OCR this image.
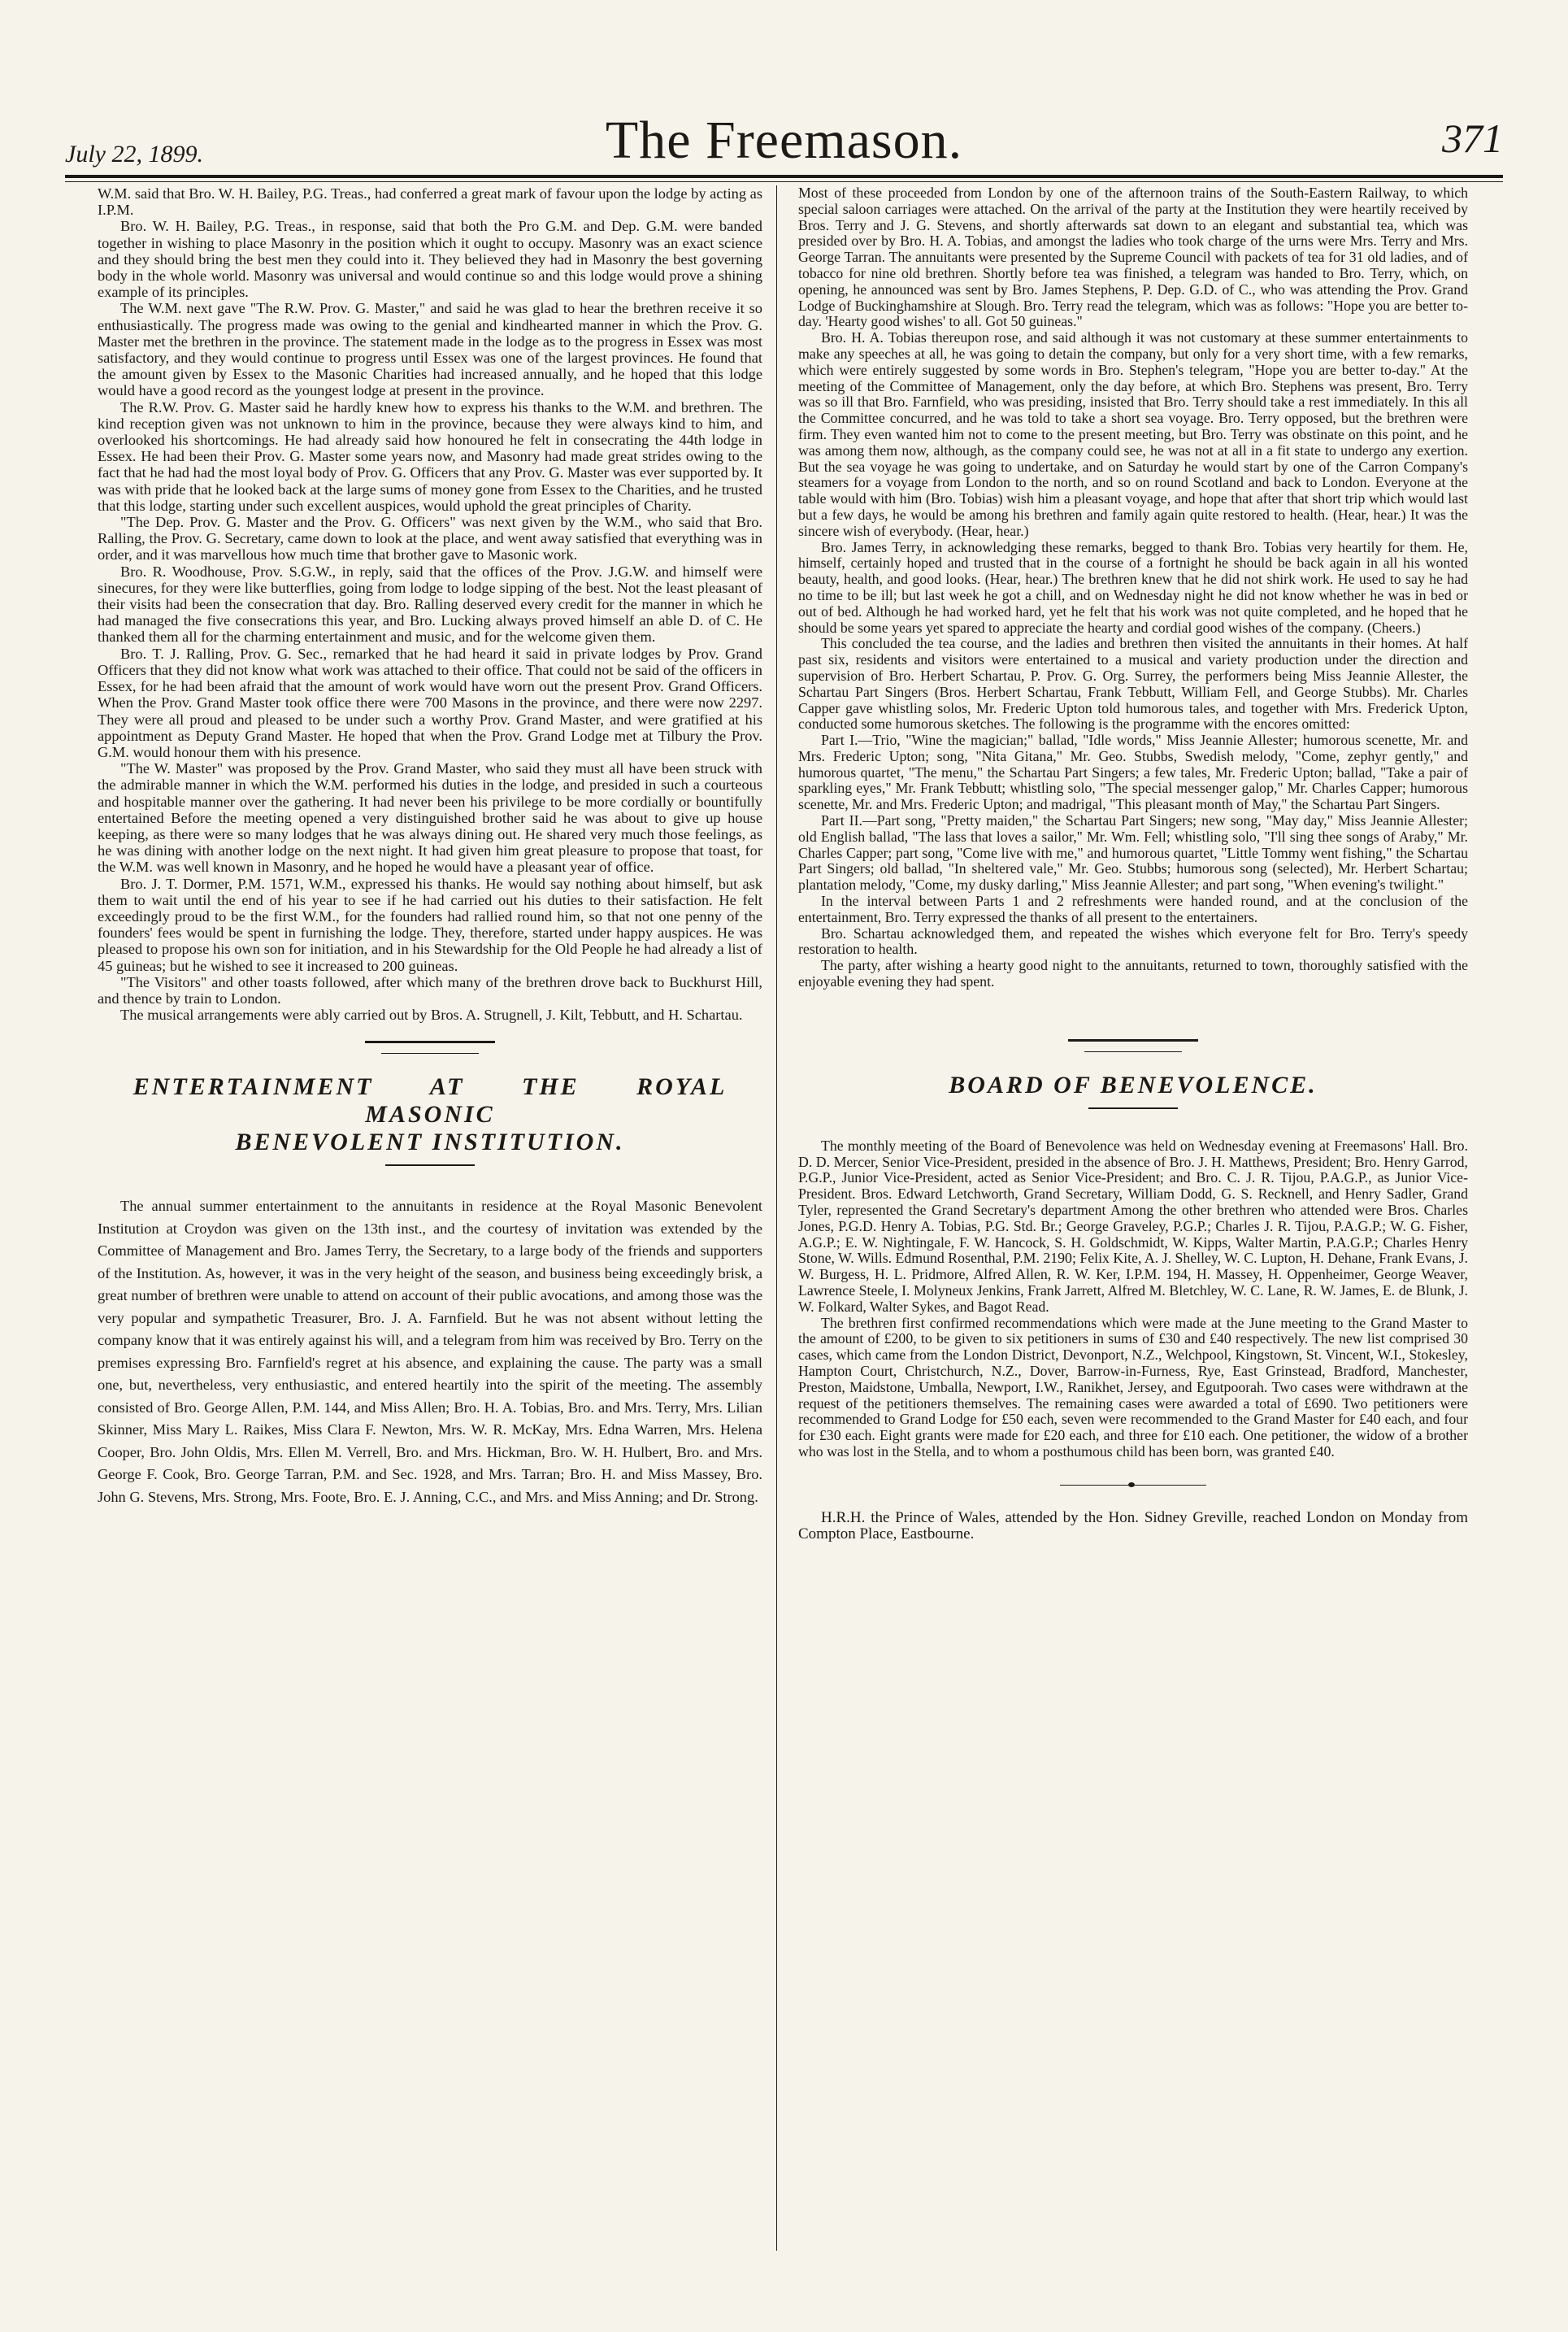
July 22, 1899.	The Freemason.	371

W.M. said that Bro. W. H. Bailey, P.G. Treas., had conferred a great mark of favour upon the lodge by acting as I.P.M.

Bro. W. H. Bailey, P.G. Treas., in response, said that both the Pro G.M. and Dep. G.M. were banded together in wishing to place Masonry in the position which it ought to occupy. Masonry was an exact science and they should bring the best men they could into it. They believed they had in Masonry the best governing body in the whole world. Masonry was universal and would continue so and this lodge would prove a shining example of its principles.

The W.M. next gave "The R.W. Prov. G. Master," and said he was glad to hear the brethren receive it so enthusiastically. The progress made was owing to the genial and kindhearted manner in which the Prov. G. Master met the brethren in the province. The statement made in the lodge as to the progress in Essex was most satisfactory, and they would continue to progress until Essex was one of the largest provinces. He found that the amount given by Essex to the Masonic Charities had increased annually, and he hoped that this lodge would have a good record as the youngest lodge at present in the province.

The R.W. Prov. G. Master said he hardly knew how to express his thanks to the W.M. and brethren. The kind reception given was not unknown to him in the province, because they were always kind to him, and overlooked his shortcomings. He had already said how honoured he felt in consecrating the 44th lodge in Essex. He had been their Prov. G. Master some years now, and Masonry had made great strides owing to the fact that he had had the most loyal body of Prov. G. Officers that any Prov. G. Master was ever supported by. It was with pride that he looked back at the large sums of money gone from Essex to the Charities, and he trusted that this lodge, starting under such excellent auspices, would uphold the great principles of Charity.

"The Dep. Prov. G. Master and the Prov. G. Officers" was next given by the W.M., who said that Bro. Ralling, the Prov. G. Secretary, came down to look at the place, and went away satisfied that everything was in order, and it was marvellous how much time that brother gave to Masonic work.

Bro. R. Woodhouse, Prov. S.G.W., in reply, said that the offices of the Prov. J.G.W. and himself were sinecures, for they were like butterflies, going from lodge to lodge sipping of the best. Not the least pleasant of their visits had been the consecration that day. Bro. Ralling deserved every credit for the manner in which he had managed the five consecrations this year, and Bro. Lucking always proved himself an able D. of C. He thanked them all for the charming entertainment and music, and for the welcome given them.

Bro. T. J. Ralling, Prov. G. Sec., remarked that he had heard it said in private lodges by Prov. Grand Officers that they did not know what work was attached to their office. That could not be said of the officers in Essex, for he had been afraid that the amount of work would have worn out the present Prov. Grand Officers. When the Prov. Grand Master took office there were 700 Masons in the province, and there were now 2297. They were all proud and pleased to be under such a worthy Prov. Grand Master, and were gratified at his appointment as Deputy Grand Master. He hoped that when the Prov. Grand Lodge met at Tilbury the Prov. G.M. would honour them with his presence.

"The W. Master" was proposed by the Prov. Grand Master, who said they must all have been struck with the admirable manner in which the W.M. performed his duties in the lodge, and presided in such a courteous and hospitable manner over the gathering. It had never been his privilege to be more cordially or bountifully entertained Before the meeting opened a very distinguished brother said he was about to give up house keeping, as there were so many lodges that he was always dining out. He shared very much those feelings, as he was dining with another lodge on the next night. It had given him great pleasure to propose that toast, for the W.M. was well known in Masonry, and he hoped he would have a pleasant year of office.

Bro. J. T. Dormer, P.M. 1571, W.M., expressed his thanks. He would say nothing about himself, but ask them to wait until the end of his year to see if he had carried out his duties to their satisfaction. He felt exceedingly proud to be the first W.M., for the founders had rallied round him, so that not one penny of the founders' fees would be spent in furnishing the lodge. They, therefore, started under happy auspices. He was pleased to propose his own son for initiation, and in his Stewardship for the Old People he had already a list of 45 guineas; but he wished to see it increased to 200 guineas.

"The Visitors" and other toasts followed, after which many of the brethren drove back to Buckhurst Hill, and thence by train to London.

The musical arrangements were ably carried out by Bros. A. Strugnell, J. Kilt, Tebbutt, and H. Schartau.

ENTERTAINMENT AT THE ROYAL MASONIC
BENEVOLENT INSTITUTION.

The annual summer entertainment to the annuitants in residence at the Royal Masonic Benevolent Institution at Croydon was given on the 13th inst., and the courtesy of invitation was extended by the Committee of Management and Bro. James Terry, the Secretary, to a large body of the friends and supporters of the Institution. As, however, it was in the very height of the season, and business being exceedingly brisk, a great number of brethren were unable to attend on account of their public avocations, and among those was the very popular and sympathetic Treasurer, Bro. J. A. Farnfield. But he was not absent without letting the company know that it was entirely against his will, and a telegram from him was received by Bro. Terry on the premises expressing Bro. Farnfield's regret at his absence, and explaining the cause. The party was a small one, but, nevertheless, very enthusiastic, and entered heartily into the spirit of the meeting. The assembly consisted of Bro. George Allen, P.M. 144, and Miss Allen; Bro. H. A. Tobias, Bro. and Mrs. Terry, Mrs. Lilian Skinner, Miss Mary L. Raikes, Miss Clara F. Newton, Mrs. W. R. McKay, Mrs. Edna Warren, Mrs. Helena Cooper, Bro. John Oldis, Mrs. Ellen M. Verrell, Bro. and Mrs. Hickman, Bro. W. H. Hulbert, Bro. and Mrs. George F. Cook, Bro. George Tarran, P.M. and Sec. 1928, and Mrs. Tarran; Bro. H. and Miss Massey, Bro. John G. Stevens, Mrs. Strong, Mrs. Foote, Bro. E. J. Anning, C.C., and Mrs. and Miss Anning; and Dr. Strong.

Most of these proceeded from London by one of the afternoon trains of the South-Eastern Railway, to which special saloon carriages were attached. On the arrival of the party at the Institution they were heartily received by Bros. Terry and J. G. Stevens, and shortly afterwards sat down to an elegant and substantial tea, which was presided over by Bro. H. A. Tobias, and amongst the ladies who took charge of the urns were Mrs. Terry and Mrs. George Tarran. The annuitants were presented by the Supreme Council with packets of tea for 31 old ladies, and of tobacco for nine old brethren. Shortly before tea was finished, a telegram was handed to Bro. Terry, which, on opening, he announced was sent by Bro. James Stephens, P. Dep. G.D. of C., who was attending the Prov. Grand Lodge of Buckinghamshire at Slough. Bro. Terry read the telegram, which was as follows: "Hope you are better to-day. 'Hearty good wishes' to all. Got 50 guineas."

Bro. H. A. Tobias thereupon rose, and said although it was not customary at these summer entertainments to make any speeches at all, he was going to detain the company, but only for a very short time, with a few remarks, which were entirely suggested by some words in Bro. Stephen's telegram, "Hope you are better to-day." At the meeting of the Committee of Management, only the day before, at which Bro. Stephens was present, Bro. Terry was so ill that Bro. Farnfield, who was presiding, insisted that Bro. Terry should take a rest immediately. In this all the Committee concurred, and he was told to take a short sea voyage. Bro. Terry opposed, but the brethren were firm. They even wanted him not to come to the present meeting, but Bro. Terry was obstinate on this point, and he was among them now, although, as the company could see, he was not at all in a fit state to undergo any exertion. But the sea voyage he was going to undertake, and on Saturday he would start by one of the Carron Company's steamers for a voyage from London to the north, and so on round Scotland and back to London. Everyone at the table would with him (Bro. Tobias) wish him a pleasant voyage, and hope that after that short trip which would last but a few days, he would be among his brethren and family again quite restored to health. (Hear, hear.) It was the sincere wish of everybody. (Hear, hear.)

Bro. James Terry, in acknowledging these remarks, begged to thank Bro. Tobias very heartily for them. He, himself, certainly hoped and trusted that in the course of a fortnight he should be back again in all his wonted beauty, health, and good looks. (Hear, hear.) The brethren knew that he did not shirk work. He used to say he had no time to be ill; but last week he got a chill, and on Wednesday night he did not know whether he was in bed or out of bed. Although he had worked hard, yet he felt that his work was not quite completed, and he hoped that he should be some years yet spared to appreciate the hearty and cordial good wishes of the company. (Cheers.)

This concluded the tea course, and the ladies and brethren then visited the annuitants in their homes. At half past six, residents and visitors were entertained to a musical and variety production under the direction and supervision of Bro. Herbert Schartau, P. Prov. G. Org. Surrey, the performers being Miss Jeannie Allester, the Schartau Part Singers (Bros. Herbert Schartau, Frank Tebbutt, William Fell, and George Stubbs). Mr. Charles Capper gave whistling solos, Mr. Frederic Upton told humorous tales, and together with Mrs. Frederick Upton, conducted some humorous sketches. The following is the programme with the encores omitted:

Part I.—Trio, "Wine the magician;" ballad, "Idle words," Miss Jeannie Allester; humorous scenette, Mr. and Mrs. Frederic Upton; song, "Nita Gitana," Mr. Geo. Stubbs, Swedish melody, "Come, zephyr gently," and humorous quartet, "The menu," the Schartau Part Singers; a few tales, Mr. Frederic Upton; ballad, "Take a pair of sparkling eyes," Mr. Frank Tebbutt; whistling solo, "The special messenger galop," Mr. Charles Capper; humorous scenette, Mr. and Mrs. Frederic Upton; and madrigal, "This pleasant month of May," the Schartau Part Singers.

Part II.—Part song, "Pretty maiden," the Schartau Part Singers; new song, "May day," Miss Jeannie Allester; old English ballad, "The lass that loves a sailor," Mr. Wm. Fell; whistling solo, "I'll sing thee songs of Araby," Mr. Charles Capper; part song, "Come live with me," and humorous quartet, "Little Tommy went fishing," the Schartau Part Singers; old ballad, "In sheltered vale," Mr. Geo. Stubbs; humorous song (selected), Mr. Herbert Schartau; plantation melody, "Come, my dusky darling," Miss Jeannie Allester; and part song, "When evening's twilight."

In the interval between Parts 1 and 2 refreshments were handed round, and at the conclusion of the entertainment, Bro. Terry expressed the thanks of all present to the entertainers.

Bro. Schartau acknowledged them, and repeated the wishes which everyone felt for Bro. Terry's speedy restoration to health.

The party, after wishing a hearty good night to the annuitants, returned to town, thoroughly satisfied with the enjoyable evening they had spent.

BOARD OF BENEVOLENCE.

The monthly meeting of the Board of Benevolence was held on Wednesday evening at Freemasons' Hall. Bro. D. D. Mercer, Senior Vice-President, presided in the absence of Bro. J. H. Matthews, President; Bro. Henry Garrod, P.G.P., Junior Vice-President, acted as Senior Vice-President; and Bro. C. J. R. Tijou, P.A.G.P., as Junior Vice-President. Bros. Edward Letchworth, Grand Secretary, William Dodd, G. S. Recknell, and Henry Sadler, Grand Tyler, represented the Grand Secretary's department Among the other brethren who attended were Bros. Charles Jones, P.G.D. Henry A. Tobias, P.G. Std. Br.; George Graveley, P.G.P.; Charles J. R. Tijou, P.A.G.P.; W. G. Fisher, A.G.P.; E. W. Nightingale, F. W. Hancock, S. H. Goldschmidt, W. Kipps, Walter Martin, P.A.G.P.; Charles Henry Stone, W. Wills. Edmund Rosenthal, P.M. 2190; Felix Kite, A. J. Shelley, W. C. Lupton, H. Dehane, Frank Evans, J. W. Burgess, H. L. Pridmore, Alfred Allen, R. W. Ker, I.P.M. 194, H. Massey, H. Oppenheimer, George Weaver, Lawrence Steele, I. Molyneux Jenkins, Frank Jarrett, Alfred M. Bletchley, W. C. Lane, R. W. James, E. de Blunk, J. W. Folkard, Walter Sykes, and Bagot Read.

The brethren first confirmed recommendations which were made at the June meeting to the Grand Master to the amount of £200, to be given to six petitioners in sums of £30 and £40 respectively. The new list comprised 30 cases, which came from the London District, Devonport, N.Z., Welchpool, Kingstown, St. Vincent, W.I., Stokesley, Hampton Court, Christchurch, N.Z., Dover, Barrow-in-Furness, Rye, East Grinstead, Bradford, Manchester, Preston, Maidstone, Umballa, Newport, I.W., Ranikhet, Jersey, and Egutpoorah. Two cases were withdrawn at the request of the petitioners themselves. The remaining cases were awarded a total of £690. Two petitioners were recommended to Grand Lodge for £50 each, seven were recommended to the Grand Master for £40 each, and four for £30 each. Eight grants were made for £20 each, and three for £10 each. One petitioner, the widow of a brother who was lost in the Stella, and to whom a posthumous child has been born, was granted £40.

H.R.H. the Prince of Wales, attended by the Hon. Sidney Greville, reached London on Monday from Compton Place, Eastbourne.
